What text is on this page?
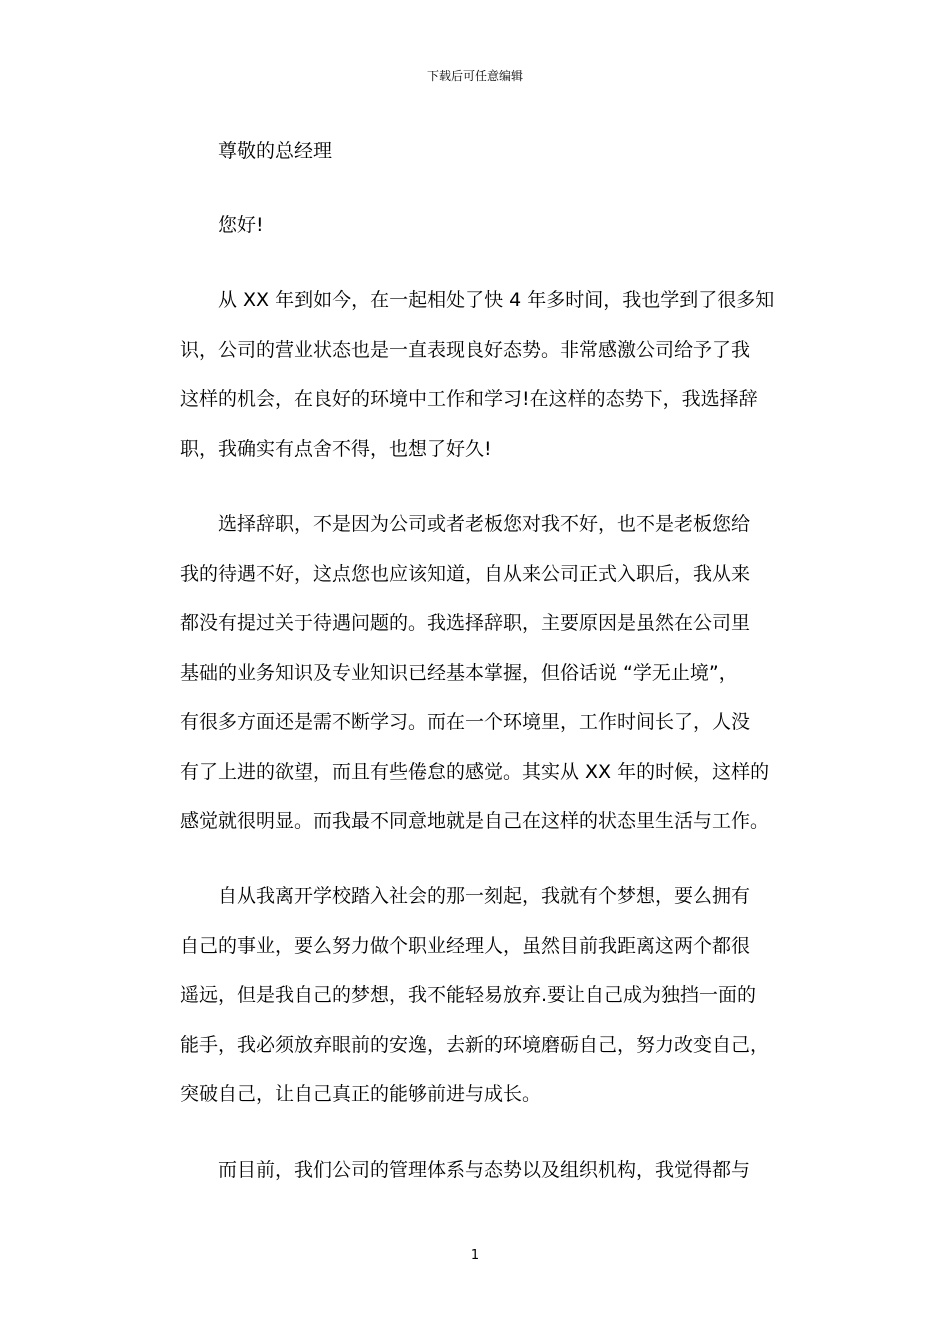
下载后可任意编辑
尊敬的总经理
您好!
从 XX 年到如今，在一起相处了快 4 年多时间，我也学到了很多知
识，公司的营业状态也是一直表现良好态势。非常感激公司给予了我
这样的机会，在良好的环境中工作和学习!在这样的态势下，我选择辞
职，我确实有点舍不得，也想了好久!
选择辞职，不是因为公司或者老板您对我不好，也不是老板您给
我的待遇不好，这点您也应该知道，自从来公司正式入职后，我从来
都没有提过关于待遇问题的。我选择辞职，主要原因是虽然在公司里
基础的业务知识及专业知识已经基本掌握，但俗话说 “学无止境”，
有很多方面还是需不断学习。而在一个环境里，工作时间长了，人没
有了上进的欲望，而且有些倦怠的感觉。其实从 XX 年的时候，这样的
感觉就很明显。而我最不同意地就是自己在这样的状态里生活与工作。
自从我离开学校踏入社会的那一刻起，我就有个梦想，要么拥有
自己的事业，要么努力做个职业经理人，虽然目前我距离这两个都很
遥远，但是我自己的梦想，我不能轻易放弃.要让自己成为独挡一面的
能手，我必须放弃眼前的安逸，去新的环境磨砺自己，努力改变自己，
突破自己，让自己真正的能够前进与成长。
而目前，我们公司的管理体系与态势以及组织机构，我觉得都与
1
